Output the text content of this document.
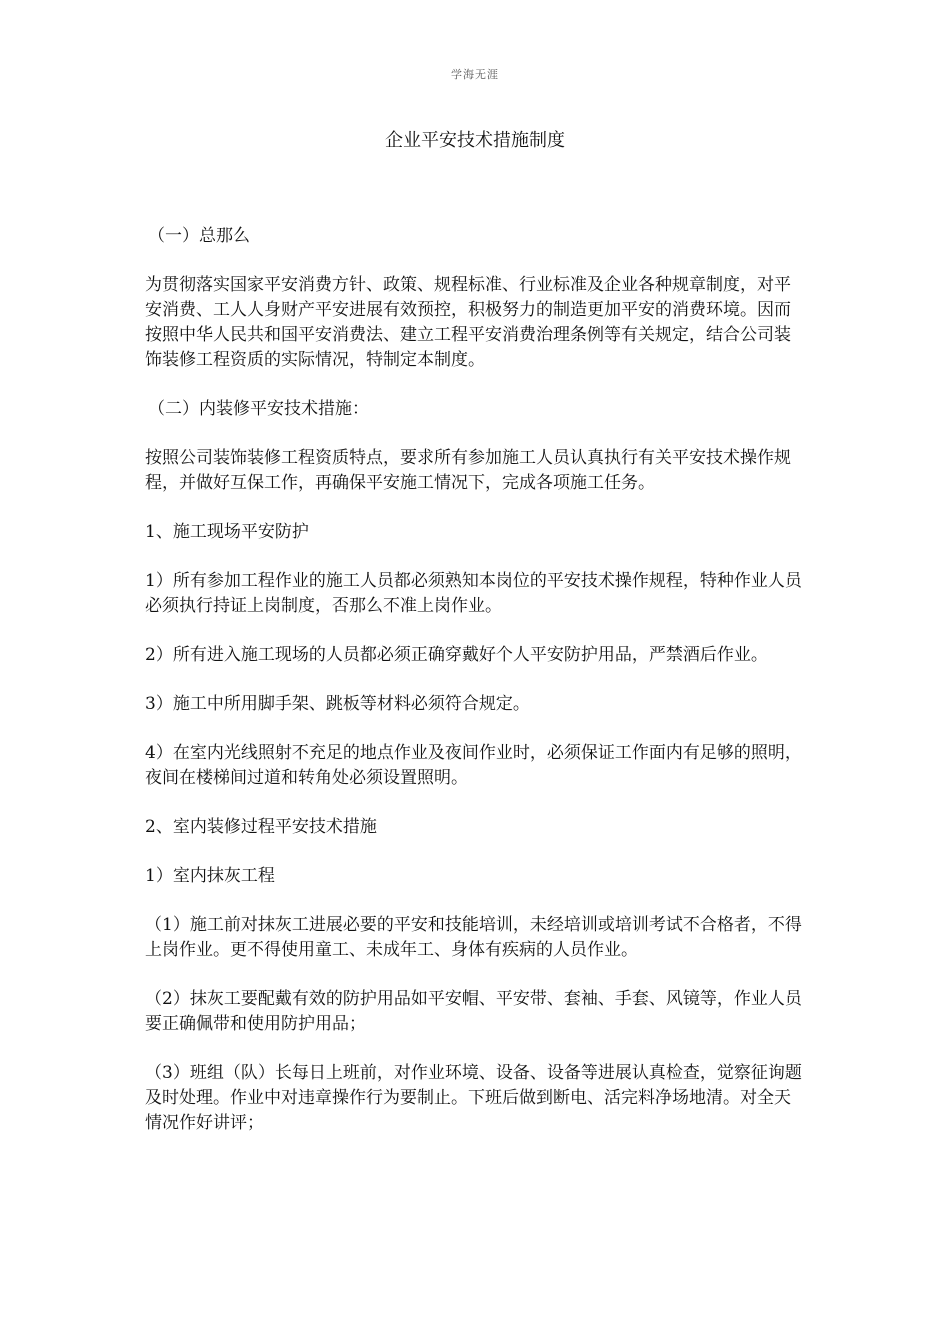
学海无涯
企业平安技术措施制度

（一）总那么

为贯彻落实国家平安消费方针、政策、规程标准、行业标准及企业各种规章制度，对平安消费、工人人身财产平安进展有效预控，积极努力的制造更加平安的消费环境。因而按照中华人民共和国平安消费法、建立工程平安消费治理条例等有关规定，结合公司装饰装修工程资质的实际情况，特制定本制度。

（二）内装修平安技术措施：

按照公司装饰装修工程资质特点，要求所有参加施工人员认真执行有关平安技术操作规程，并做好互保工作，再确保平安施工情况下，完成各项施工任务。

1、施工现场平安防护

1）所有参加工程作业的施工人员都必须熟知本岗位的平安技术操作规程，特种作业人员必须执行持证上岗制度，否那么不准上岗作业。

2）所有进入施工现场的人员都必须正确穿戴好个人平安防护用品，严禁酒后作业。

3）施工中所用脚手架、跳板等材料必须符合规定。

4）在室内光线照射不充足的地点作业及夜间作业时，必须保证工作面内有足够的照明，夜间在楼梯间过道和转角处必须设置照明。

2、室内装修过程平安技术措施

1）室内抹灰工程

（1）施工前对抹灰工进展必要的平安和技能培训，未经培训或培训考试不合格者，不得上岗作业。更不得使用童工、未成年工、身体有疾病的人员作业。

（2）抹灰工要配戴有效的防护用品如平安帽、平安带、套袖、手套、风镜等，作业人员要正确佩带和使用防护用品；

（3）班组（队）长每日上班前，对作业环境、设备、设备等进展认真检查，觉察征询题及时处理。作业中对违章操作行为要制止。下班后做到断电、活完料净场地清。对全天情况作好讲评；
